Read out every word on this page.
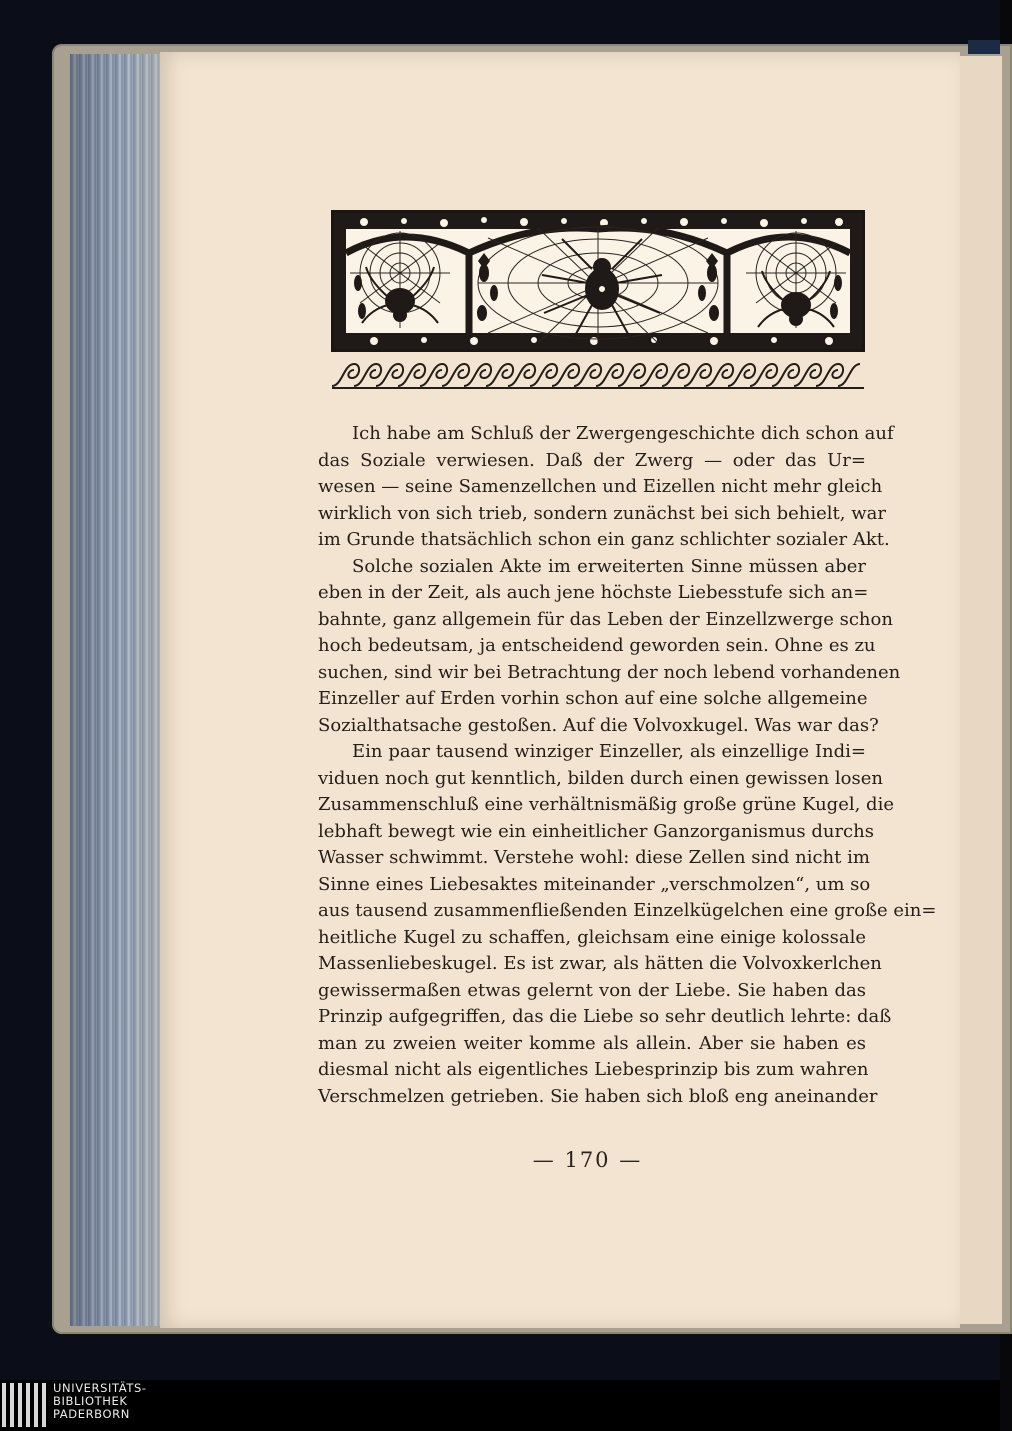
Ich habe am Schluß der Zwergengeschichte dich schon auf
das Soziale verwiesen. Daß der Zwerg — oder das Ur=
wesen — seine Samenzellchen und Eizellen nicht mehr gleich
wirklich von sich trieb, sondern zunächst bei sich behielt, war
im Grunde thatsächlich schon ein ganz schlichter sozialer Akt.
Solche sozialen Akte im erweiterten Sinne müssen aber
eben in der Zeit, als auch jene höchste Liebesstufe sich an=
bahnte, ganz allgemein für das Leben der Einzellzwerge schon
hoch bedeutsam, ja entscheidend geworden sein. Ohne es zu
suchen, sind wir bei Betrachtung der noch lebend vorhandenen
Einzeller auf Erden vorhin schon auf eine solche allgemeine
Sozialthatsache gestoßen. Auf die Volvoxkugel. Was war das?
Ein paar tausend winziger Einzeller, als einzellige Indi=
viduen noch gut kenntlich, bilden durch einen gewissen losen
Zusammenschluß eine verhältnismäßig große grüne Kugel, die
lebhaft bewegt wie ein einheitlicher Ganzorganismus durchs
Wasser schwimmt. Verstehe wohl: diese Zellen sind nicht im
Sinne eines Liebesaktes miteinander „verschmolzen“, um so
aus tausend zusammenfließenden Einzelkügelchen eine große ein=
heitliche Kugel zu schaffen, gleichsam eine einige kolossale
Massenliebeskugel. Es ist zwar, als hätten die Volvoxkerlchen
gewissermaßen etwas gelernt von der Liebe. Sie haben das
Prinzip aufgegriffen, das die Liebe so sehr deutlich lehrte: daß
man zu zweien weiter komme als allein. Aber sie haben es
diesmal nicht als eigentliches Liebesprinzip bis zum wahren
Verschmelzen getrieben. Sie haben sich bloß eng aneinander
— 170 —
UNIVERSITÄTS-
BIBLIOTHEK
PADERBORN
